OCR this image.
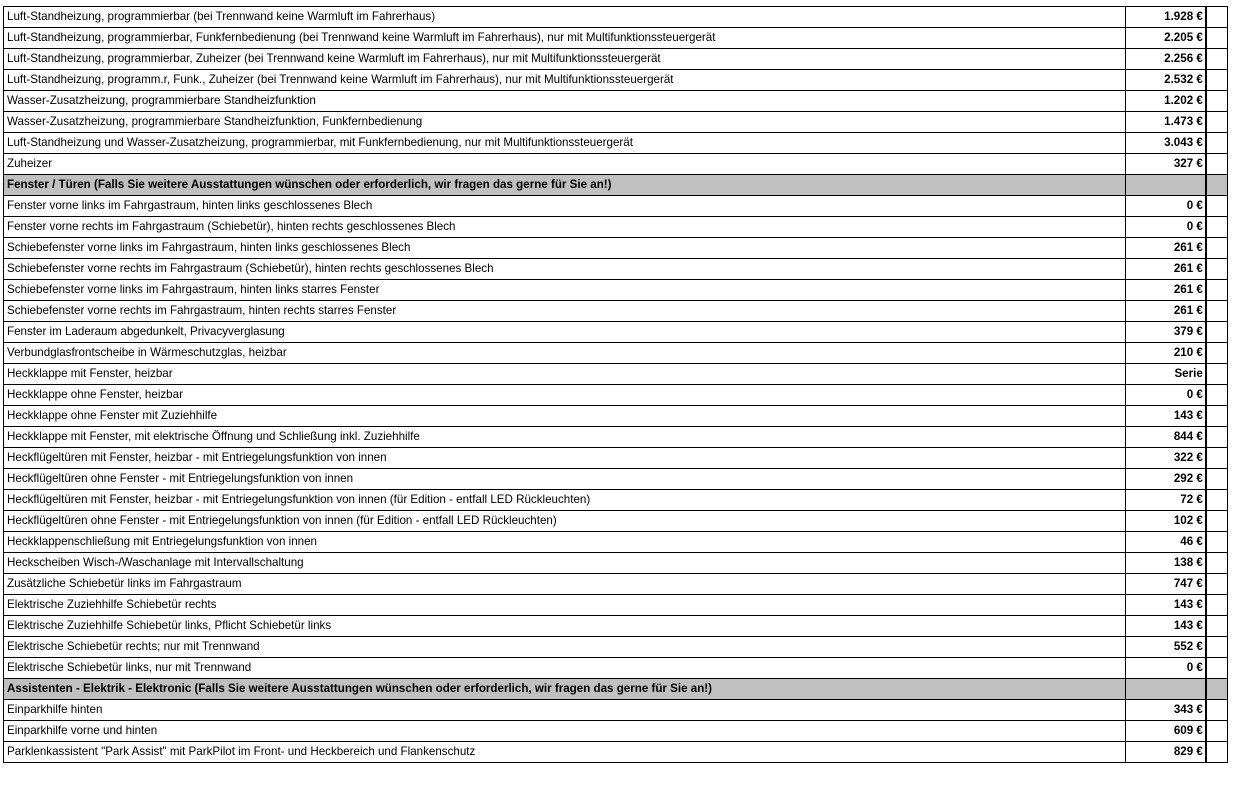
Luft-Standheizung, programmierbar (bei Trennwand keine Warmluft im Fahrerhaus)	1.928 €	
Luft-Standheizung, programmierbar, Funkfernbedienung (bei Trennwand keine Warmluft im Fahrerhaus), nur mit Multifunktionssteuergerät	2.205 €	
Luft-Standheizung, programmierbar, Zuheizer (bei Trennwand keine Warmluft im Fahrerhaus), nur mit Multifunktionssteuergerät	2.256 €	
Luft-Standheizung, programm.r, Funk., Zuheizer (bei Trennwand keine Warmluft im Fahrerhaus), nur mit Multifunktionssteuergerät	2.532 €	
Wasser-Zusatzheizung, programmierbare Standheizfunktion	1.202 €	
Wasser-Zusatzheizung, programmierbare Standheizfunktion, Funkfernbedienung	1.473 €	
Luft-Standheizung und Wasser-Zusatzheizung, programmierbar, mit Funkfernbedienung, nur mit Multifunktionssteuergerät	3.043 €	
Zuheizer	327 €	
Fenster / Türen (Falls Sie weitere Ausstattungen wünschen oder erforderlich, wir fragen das gerne für Sie an!)		
Fenster vorne links im Fahrgastraum, hinten links geschlossenes Blech	0 €	
Fenster vorne rechts im Fahrgastraum (Schiebetür), hinten rechts geschlossenes Blech	0 €	
Schiebefenster vorne links im Fahrgastraum, hinten links geschlossenes Blech	261 €	
Schiebefenster vorne rechts im Fahrgastraum (Schiebetür), hinten rechts geschlossenes Blech	261 €	
Schiebefenster vorne links im Fahrgastraum, hinten links starres Fenster	261 €	
Schiebefenster vorne rechts im Fahrgastraum, hinten rechts starres Fenster	261 €	
Fenster im Laderaum abgedunkelt, Privacyverglasung	379 €	
Verbundglasfrontscheibe in Wärmeschutzglas, heizbar	210 €	
Heckklappe mit Fenster, heizbar	Serie	
Heckklappe ohne Fenster, heizbar	0 €	
Heckklappe ohne Fenster mit Zuziehhilfe	143 €	
Heckklappe mit Fenster, mit elektrische Öffnung und Schließung inkl. Zuziehhilfe	844 €	
Heckflügeltüren mit Fenster, heizbar - mit Entriegelungsfunktion von innen	322 €	
Heckflügeltüren ohne Fenster - mit Entriegelungsfunktion von innen	292 €	
Heckflügeltüren mit Fenster, heizbar - mit Entriegelungsfunktion von innen (für Edition - entfall LED Rückleuchten)	72 €	
Heckflügeltüren ohne Fenster - mit Entriegelungsfunktion von innen (für Edition - entfall LED Rückleuchten)	102 €	
Heckklappenschließung mit Entriegelungsfunktion von innen	46 €	
Heckscheiben Wisch-/Waschanlage mit Intervallschaltung	138 €	
Zusätzliche Schiebetür links im Fahrgastraum	747 €	
Elektrische Zuziehhilfe Schiebetür rechts	143 €	
Elektrische Zuziehhilfe Schiebetür links, Pflicht Schiebetür links	143 €	
Elektrische Schiebetür rechts; nur mit Trennwand	552 €	
Elektrische Schiebetür links, nur mit Trennwand	0 €	
Assistenten - Elektrik - Elektronic (Falls Sie weitere Ausstattungen wünschen oder erforderlich, wir fragen das gerne für Sie an!)		
Einparkhilfe hinten	343 €	
Einparkhilfe vorne und hinten	609 €	
Parklenkassistent "Park Assist" mit ParkPilot im Front- und Heckbereich und Flankenschutz	829 €	
